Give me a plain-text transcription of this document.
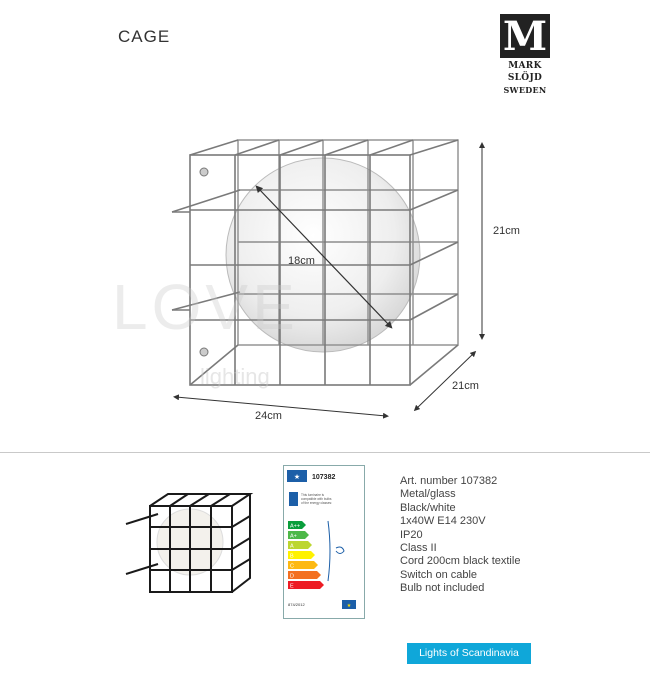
CAGE	M
MARK
SLÖJD
SWEDEN
LOVE
lighting
18cm
21cm
21cm
24cm
★ 107382
This luminaire is compatible with bulbs of the energy classes:
A++
A+
A
B
C
D
E
874/2012	★
Art. number 107382
Metal/glass
Black/white
1x40W E14 230V
IP20
Class II
Cord 200cm black textile
Switch on cable
Bulb not included
Lights of Scandinavia
